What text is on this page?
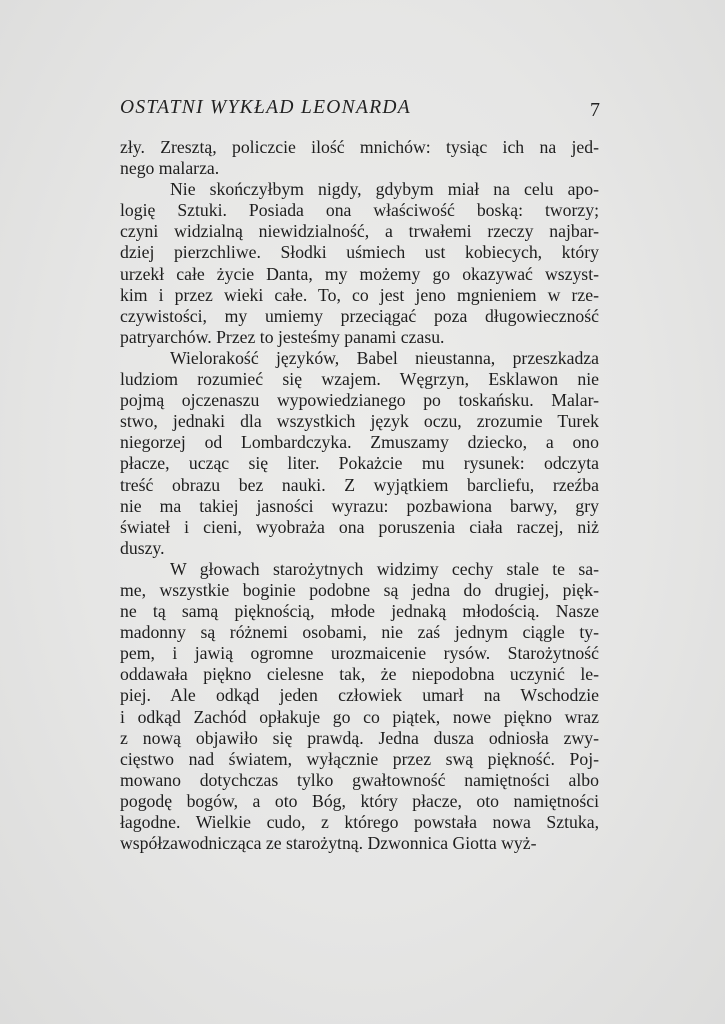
OSTATNI WYKŁAD LEONARDA	7
zły. Zresztą, policzcie ilość mnichów: tysiąc ich na jed-
nego malarza.
Nie skończyłbym nigdy, gdybym miał na celu apo-
logię Sztuki. Posiada ona właściwość boską: tworzy;
czyni widzialną niewidzialność, a trwałemi rzeczy najbar-
dziej pierzchliwe. Słodki uśmiech ust kobiecych, który
urzekł całe życie Danta, my możemy go okazywać wszyst-
kim i przez wieki całe. To, co jest jeno mgnieniem w rze-
czywistości, my umiemy przeciągać poza długowieczność
patryarchów. Przez to jesteśmy panami czasu.
Wielorakość języków, Babel nieustanna, przeszkadza
ludziom rozumieć się wzajem. Węgrzyn, Esklawon nie
pojmą ojczenaszu wypowiedzianego po toskańsku. Malar-
stwo, jednaki dla wszystkich język oczu, zrozumie Turek
niegorzej od Lombardczyka. Zmuszamy dziecko, a ono
płacze, ucząc się liter. Pokażcie mu rysunek: odczyta
treść obrazu bez nauki. Z wyjątkiem barcliefu, rzeźba
nie ma takiej jasności wyrazu: pozbawiona barwy, gry
świateł i cieni, wyobraża ona poruszenia ciała raczej, niż
duszy.
W głowach starożytnych widzimy cechy stale te sa-
me, wszystkie boginie podobne są jedna do drugiej, pięk-
ne tą samą pięknością, młode jednaką młodością. Nasze
madonny są różnemi osobami, nie zaś jednym ciągle ty-
pem, i jawią ogromne urozmaicenie rysów. Starożytność
oddawała piękno cielesne tak, że niepodobna uczynić le-
piej. Ale odkąd jeden człowiek umarł na Wschodzie
i odkąd Zachód opłakuje go co piątek, nowe piękno wraz
z nową objawiło się prawdą. Jedna dusza odniosła zwy-
cięstwo nad światem, wyłącznie przez swą piękność. Poj-
mowano dotychczas tylko gwałtowność namiętności albo
pogodę bogów, a oto Bóg, który płacze, oto namiętności
łagodne. Wielkie cudo, z którego powstała nowa Sztuka,
współzawodnicząca ze starożytną. Dzwonnica Giotta wyż-
